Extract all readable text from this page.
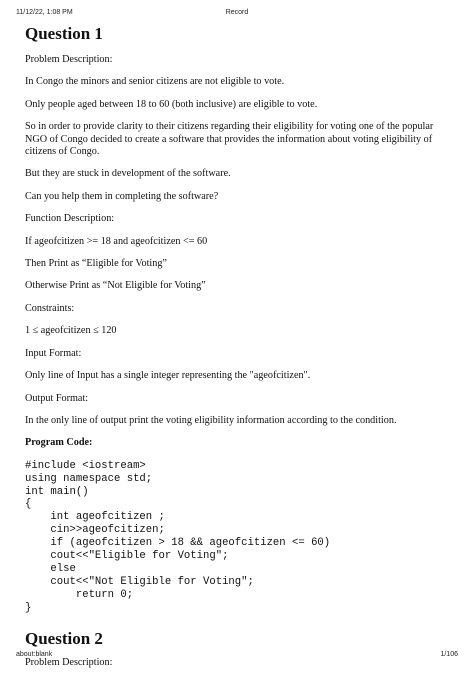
11/12/22, 1:08 PM	Record
Question 1

Problem Description:

In Congo the minors and senior citizens are not eligible to vote.

Only people aged between 18 to 60 (both inclusive) are eligible to vote.

So in order to provide clarity to their citizens regarding their eligibility for voting one of the popular NGO of Congo decided to create a software that provides the information about voting eligibility of citizens of Congo.

But they are stuck in development of the software.

Can you help them in completing the software?

Function Description:

If ageofcitizen >= 18 and ageofcitizen <= 60

Then Print as “Eligible for Voting”

Otherwise Print as “Not Eligible for Voting”

Constraints:

1 ≤ ageofcitizen ≤ 120

Input Format:

Only line of Input has a single integer representing the "ageofcitizen".

Output Format:

In the only line of output print the voting eligibility information according to the condition.

Program Code:

#include <iostream>
using namespace std;
int main()
{
int ageofcitizen ;
cin>>ageofcitizen;
if (ageofcitizen > 18 && ageofcitizen <= 60)
cout<<"Eligible for Voting";
else
cout<<"Not Eligible for Voting";
return 0;
}
Question 2

Problem Description:

about:blank	1/106
